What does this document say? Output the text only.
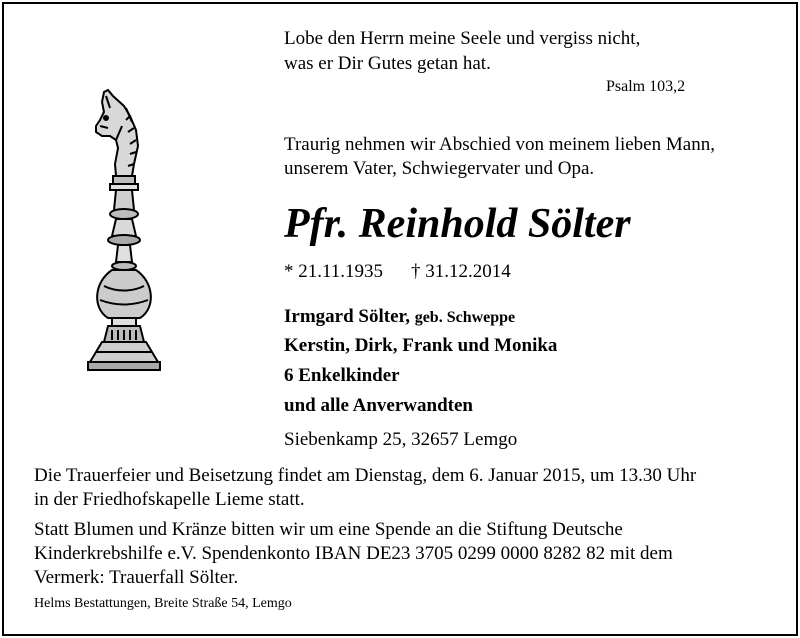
Lobe den Herrn meine Seele und vergiss nicht,
was er Dir Gutes getan hat.
Psalm 103,2
Traurig nehmen wir Abschied von meinem lieben Mann,
unserem Vater, Schwiegervater und Opa.
Pfr. Reinhold Sölter
* 21.11.1935 † 31.12.2014
Irmgard Sölter, geb. Schweppe
Kerstin, Dirk, Frank und Monika
6 Enkelkinder
und alle Anverwandten
Siebenkamp 25, 32657 Lemgo
Die Trauerfeier und Beisetzung findet am Dienstag, dem 6. Januar 2015, um 13.30 Uhr
in der Friedhofskapelle Lieme statt.
Statt Blumen und Kränze bitten wir um eine Spende an die Stiftung Deutsche
Kinderkrebshilfe e.V. Spendenkonto IBAN DE23 3705 0299 0000 8282 82 mit dem
Vermerk: Trauerfall Sölter.
Helms Bestattungen, Breite Straße 54, Lemgo
